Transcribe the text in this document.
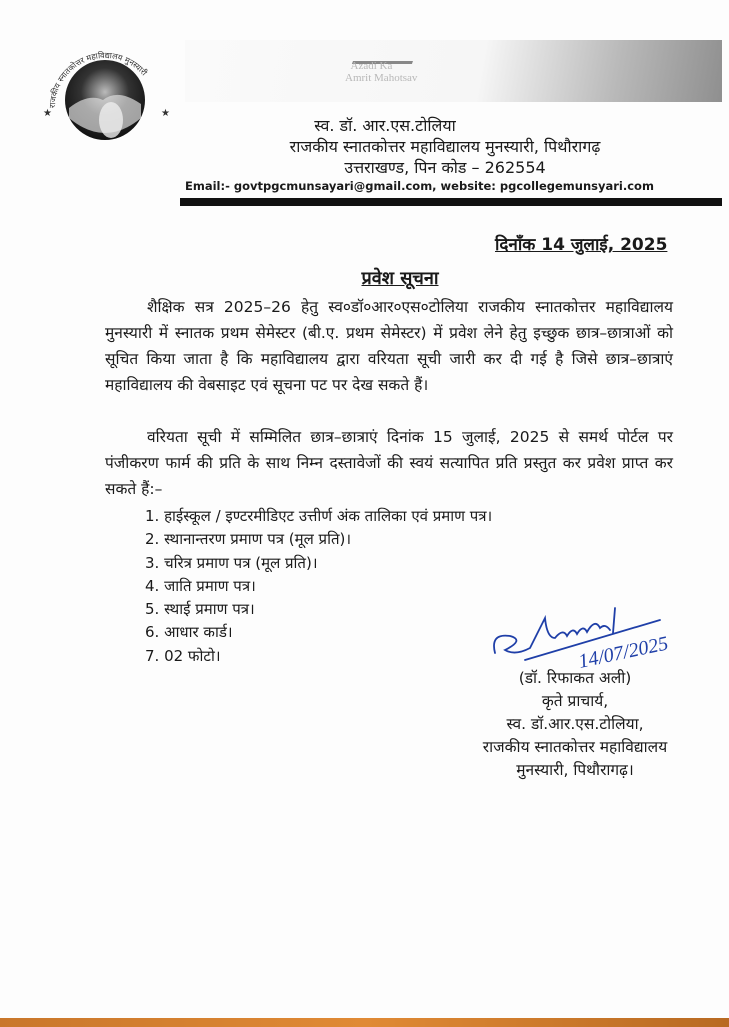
Azadi Ka
Amrit Mahotsav
★	★
राजकीय स्नातकोत्तर महाविद्यालय मुनस्यारी
स्व. डॉ. आर.एस.टोलिया
राजकीय स्नातकोत्तर महाविद्यालय मुनस्यारी, पिथौरागढ़
उत्तराखण्ड, पिन कोड – 262554
Email:- govtpgcmunsayari@gmail.com, website: pgcollegemunsyari.com
दिनाँक 14 जुलाई, 2025
प्रवेश सूचना
शैक्षिक सत्र 2025–26 हेतु स्व०डॉ०आर०एस०टोलिया राजकीय स्नातकोत्तर महाविद्यालय मुनस्यारी में स्नातक प्रथम सेमेस्टर (बी.ए. प्रथम सेमेस्टर) में प्रवेश लेने हेतु इच्छुक छात्र–छात्राओं को सूचित किया जाता है कि महाविद्यालय द्वारा वरियता सूची जारी कर दी गई है जिसे छात्र–छात्राएं महाविद्यालय की वेबसाइट एवं सूचना पट पर देख सकते हैं।
वरियता सूची में सम्मिलित छात्र–छात्राएं दिनांक 15 जुलाई, 2025 से समर्थ पोर्टल पर पंजीकरण फार्म की प्रति के साथ निम्न दस्तावेजों की स्वयं सत्यापित प्रति प्रस्तुत कर प्रवेश प्राप्त कर सकते हैं:–
1. हाईस्कूल / इण्टरमीडिएट उत्तीर्ण अंक तालिका एवं प्रमाण पत्र।
2. स्थानान्तरण प्रमाण पत्र (मूल प्रति)।
3. चरित्र प्रमाण पत्र (मूल प्रति)।
4. जाति प्रमाण पत्र।
5. स्थाई प्रमाण पत्र।
6. आधार कार्ड।
7. 02 फोटो।	14/07/2025
(डॉ. रिफाकत अली)
कृते प्राचार्य,
स्व. डॉ.आर.एस.टोलिया,
राजकीय स्नातकोत्तर महाविद्यालय
मुनस्यारी, पिथौरागढ़।
